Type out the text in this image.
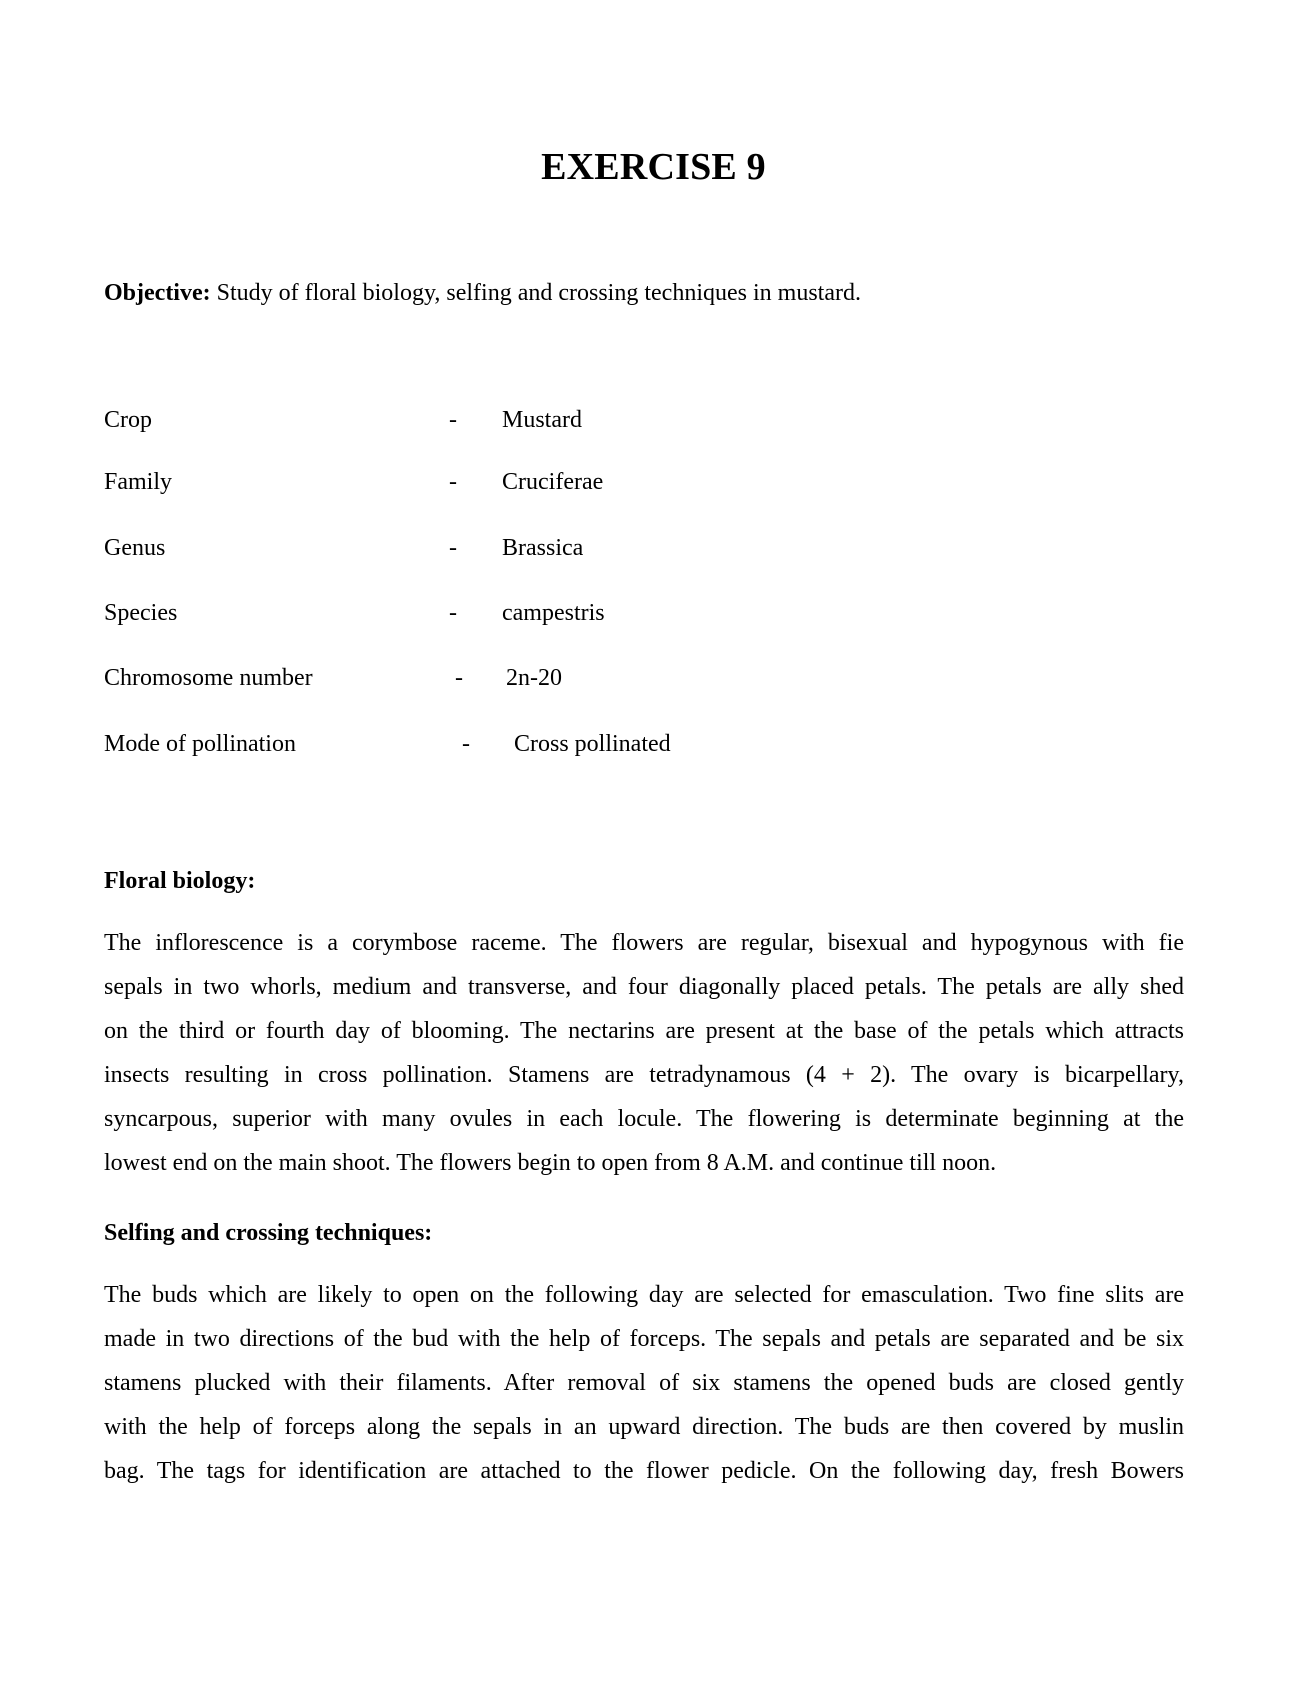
EXERCISE 9
Objective: Study of floral biology, selfing and crossing techniques in mustard.
Crop	- Mustard
Family	- Cruciferae
Genus	- Brassica
Species	- campestris
Chromosome number	- 2n-20
Mode of pollination	- Cross pollinated
Floral biology:
The inflorescence is a corymbose raceme. The flowers are regular, bisexual and hypogynous with fie
sepals in two whorls, medium and transverse, and four diagonally placed petals. The petals are ally shed
on the third or fourth day of blooming. The nectarins are present at the base of the petals which attracts
insects resulting in cross pollination. Stamens are tetradynamous (4 + 2). The ovary is bicarpellary,
syncarpous, superior with many ovules in each locule. The flowering is determinate beginning at the
lowest end on the main shoot. The flowers begin to open from 8 A.M. and continue till noon.
Selfing and crossing techniques:
The buds which are likely to open on the following day are selected for emasculation. Two fine slits are
made in two directions of the bud with the help of forceps. The sepals and petals are separated and be six
stamens plucked with their filaments. After removal of six stamens the opened buds are closed gently
with the help of forceps along the sepals in an upward direction. The buds are then covered by muslin
bag. The tags for identification are attached to the flower pedicle. On the following day, fresh Bowers
